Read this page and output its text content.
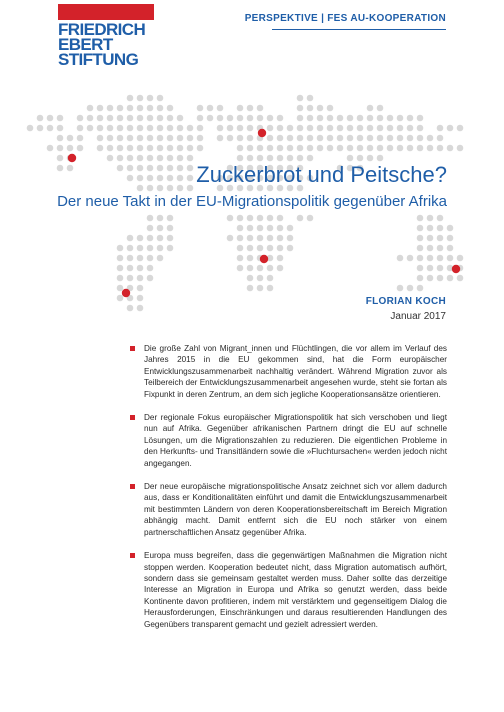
FRIEDRICH
EBERT
STIFTUNG
PERSPEKTIVE | FES AU-KOOPERATION
Zuckerbrot und Peitsche?
Der neue Takt in der EU-Migrationspolitik gegenüber Afrika
FLORIAN KOCH
Januar 2017
Die große Zahl von Migrant_innen und Flüchtlingen, die vor allem im Verlauf des Jahres 2015 in die EU gekommen sind, hat die Form europäischer Entwicklungszusammenarbeit nachhaltig verändert. Während Migration zuvor als Teilbereich der Entwicklungszusammenarbeit angesehen wurde, steht sie fortan als Fixpunkt in deren Zentrum, an dem sich jegliche Kooperationsansätze orientieren.
Der regionale Fokus europäischer Migrationspolitik hat sich verschoben und liegt nun auf Afrika. Gegenüber afrikanischen Partnern dringt die EU auf schnelle Lösungen, um die Migrationszahlen zu reduzieren. Die eigentlichen Probleme in den Herkunfts- und Transitländern sowie die »Fluchtursachen« werden jedoch nicht angegangen.
Der neue europäische migrationspolitische Ansatz zeichnet sich vor allem dadurch aus, dass er Konditionalitäten einführt und damit die Entwicklungszusammenarbeit mit bestimmten Ländern von deren Kooperationsbereitschaft im Bereich Migration abhängig macht. Damit entfernt sich die EU noch stärker von einem partnerschaftlichen Ansatz gegenüber Afrika.
Europa muss begreifen, dass die gegenwärtigen Maßnahmen die Migration nicht stoppen werden. Kooperation bedeutet nicht, dass Migration automatisch aufhört, sondern dass sie gemeinsam gestaltet werden muss. Daher sollte das derzeitige Interesse an Migration in Europa und Afrika so genutzt werden, dass beide Kontinente davon profitieren, indem mit verstärktem und gegenseitigem Dialog die Herausforderungen, Einschränkungen und daraus resultierenden Handlungen des Gegenübers transparent gemacht und gezielt adressiert werden.
